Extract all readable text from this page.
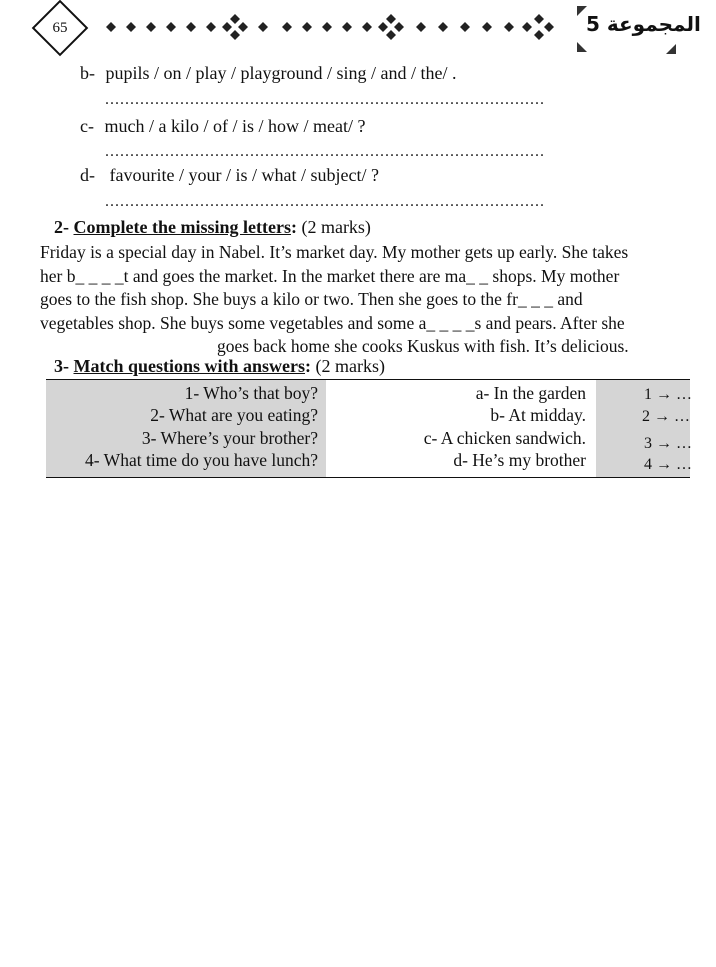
65	المجموعة 5
b- pupils / on / play / playground / sing / and / the/ .
........................................................................................
c- much / a kilo / of / is / how / meat/ ?
........................................................................................
d- favourite / your / is / what / subject/ ?
........................................................................................
2- Complete the missing letters: (2 marks)
Friday is a special day in Nabel. It’s market day. My mother gets up early. She takes
her b_ _ _ _t and goes the market. In the market there are ma_ _ shops. My mother
goes to the fish shop. She buys a kilo or two. Then she goes to the fr_ _ _ and
vegetables shop. She buys some vegetables and some a_ _ _ _s and pears. After she
goes back home she cooks Kuskus with fish. It’s delicious.
3- Match questions with answers: (2 marks)
1- Who’s that boy?
2- What are you eating?
3- Where’s your brother?
4- What time do you have lunch?
a- In the garden
b- At midday.
c- A chicken sandwich.
d- He’s my brother
1 → …
2 → …
3 → …
4 → …
